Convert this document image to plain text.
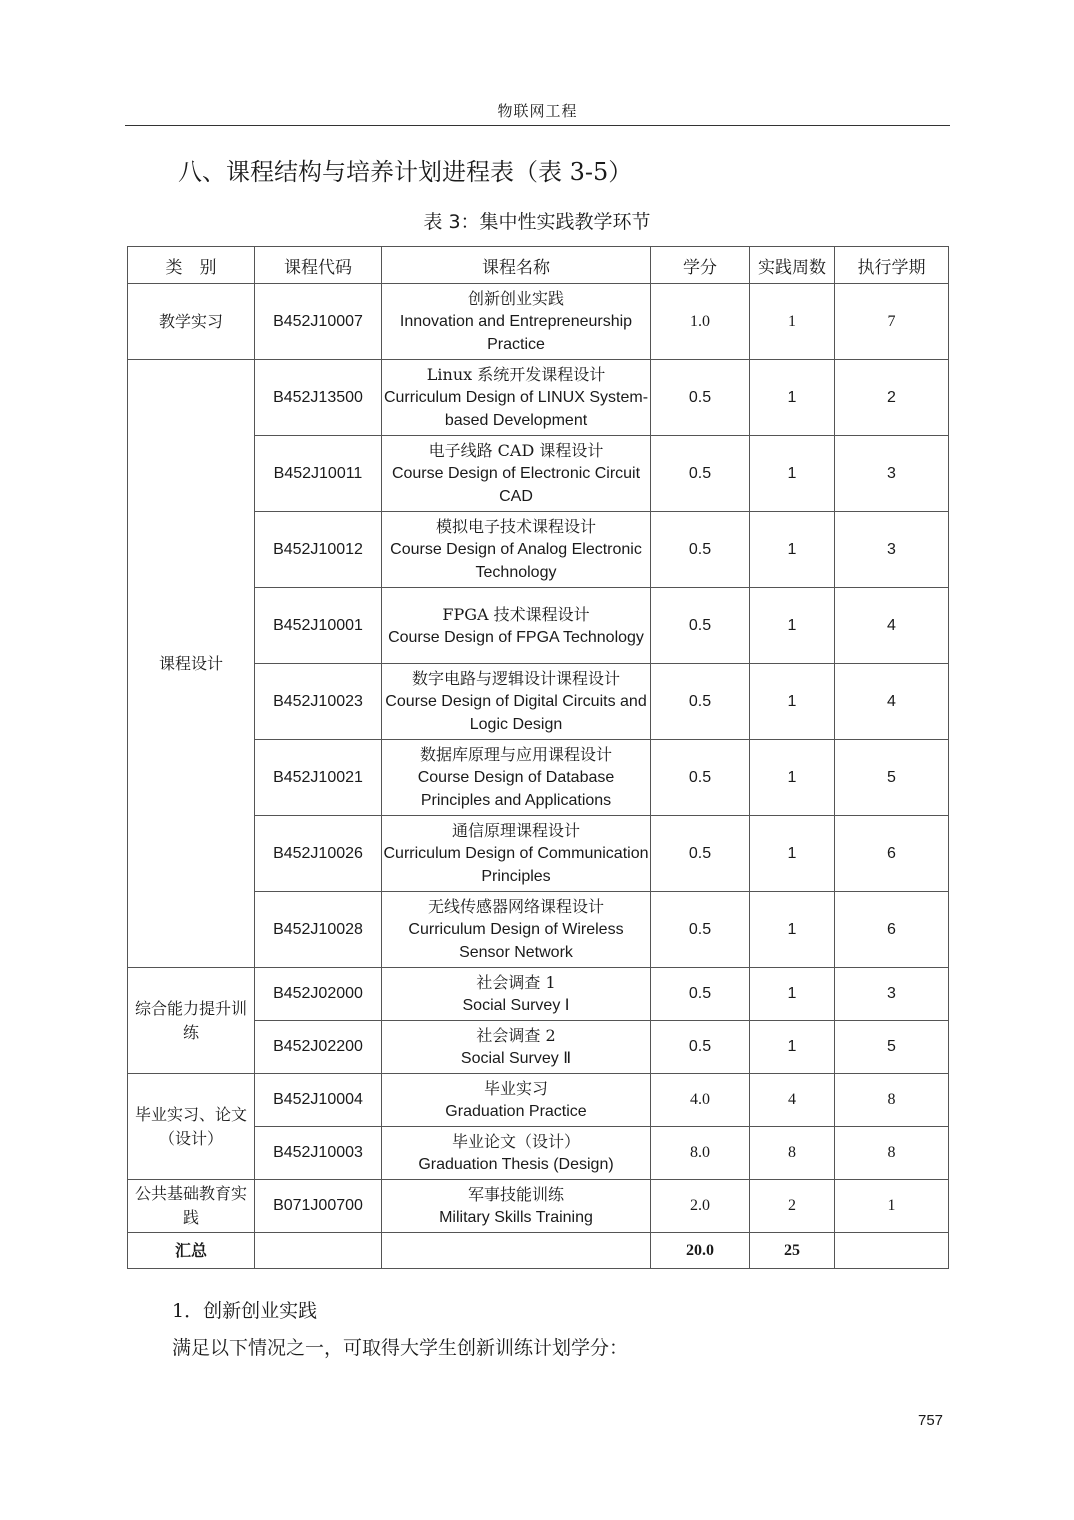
物联网工程
八、课程结构与培养计划进程表（表 3-5）
表 3：集中性实践教学环节
类　别	课程代码	课程名称	学分	实践周数	执行学期
教学实习	B452J10007	创新创业实践
Innovation and Entrepreneurship Practice	1.0	1	7
课程设计	B452J13500	Linux 系统开发课程设计
Curriculum Design of LINUX System-based Development	0.5	1	2
	B452J10011	电子线路 CAD 课程设计
Course Design of Electronic Circuit CAD	0.5	1	3
	B452J10012	模拟电子技术课程设计
Course Design of Analog Electronic Technology	0.5	1	3
	B452J10001	FPGA 技术课程设计
Course Design of FPGA Technology	0.5	1	4
	B452J10023	数字电路与逻辑设计课程设计
Course Design of Digital Circuits and Logic Design	0.5	1	4
	B452J10021	数据库原理与应用课程设计
Course Design of Database Principles and Applications	0.5	1	5
	B452J10026	通信原理课程设计
Curriculum Design of Communication Principles	0.5	1	6
	B452J10028	无线传感器网络课程设计
Curriculum Design of Wireless Sensor Network	0.5	1	6
综合能力提升训练	B452J02000	社会调查 1
Social Survey Ⅰ	0.5	1	3
	B452J02200	社会调查 2
Social Survey Ⅱ	0.5	1	5
毕业实习、论文（设计）	B452J10004	毕业实习
Graduation Practice	4.0	4	8
	B452J10003	毕业论文（设计）
Graduation Thesis (Design)	8.0	8	8
公共基础教育实践	B071J00700	军事技能训练
Military Skills Training	2.0	2	1
汇总			20.0	25	
1．创新创业实践
满足以下情况之一，可取得大学生创新训练计划学分：
757
